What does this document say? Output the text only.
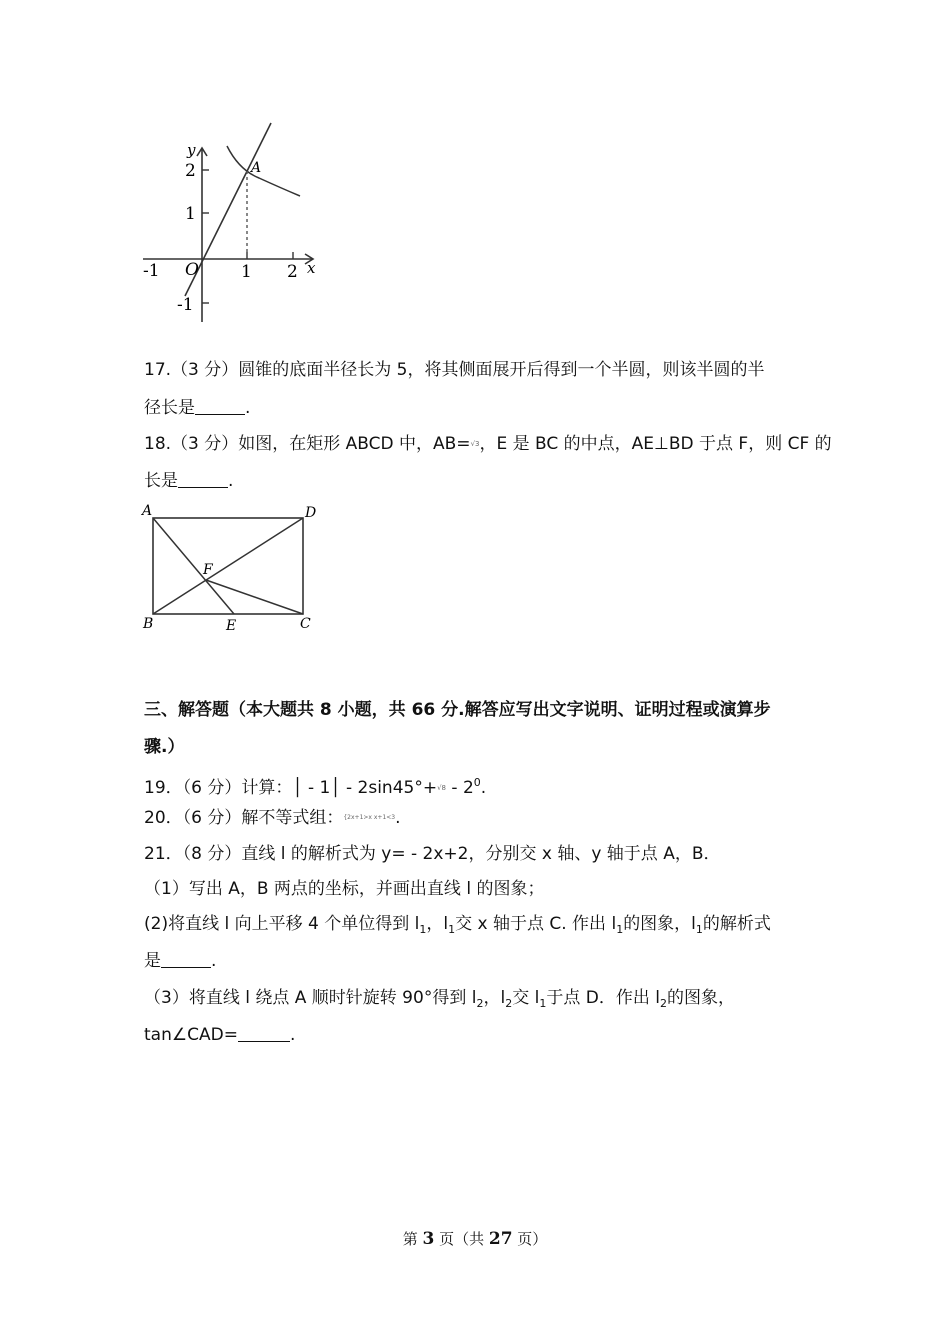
y
x
O
A
-1	1 2
2
1
-1
17.（3 分）圆锥的底面半径长为 5，将其侧面展开后得到一个半圆，则该半圆的半
径长是	.
18.（3 分）如图，在矩形 ABCD 中，AB=√3，E 是 BC 的中点，AE⊥BD 于点 F，则 CF 的
长是	.
A	D
B	C
E
F
三、解答题（本大题共 8 小题，共 66 分.解答应写出文字说明、证明过程或演算步
骤.）
19．（6 分）计算：│ - 1│ - $2\sin 45^\circ+√8 - 2^0$.
20．（6 分）解不等式组：{2x+1>x x+1<3.
21．（8 分）直线 l 的解析式为 y= - 2x+2，分别交 x 轴、y 轴于点 A，B．
（1）写出 A，B 两点的坐标，并画出直线 l 的图象；
(2)将直线 l 向上平移 4 个单位得到 $l_1$，$l_1$交 x 轴于点 C. 作出 $l_1$的图象，$l_1$的解析式
是	.
（3）将直线 l 绕点 A 顺时针旋转 90°得到 $l_2$，$l_2$交 $l_1$于点 D．作出 $l_2$的图象，
tan∠CAD=	.
第 3 页（共 27 页）
